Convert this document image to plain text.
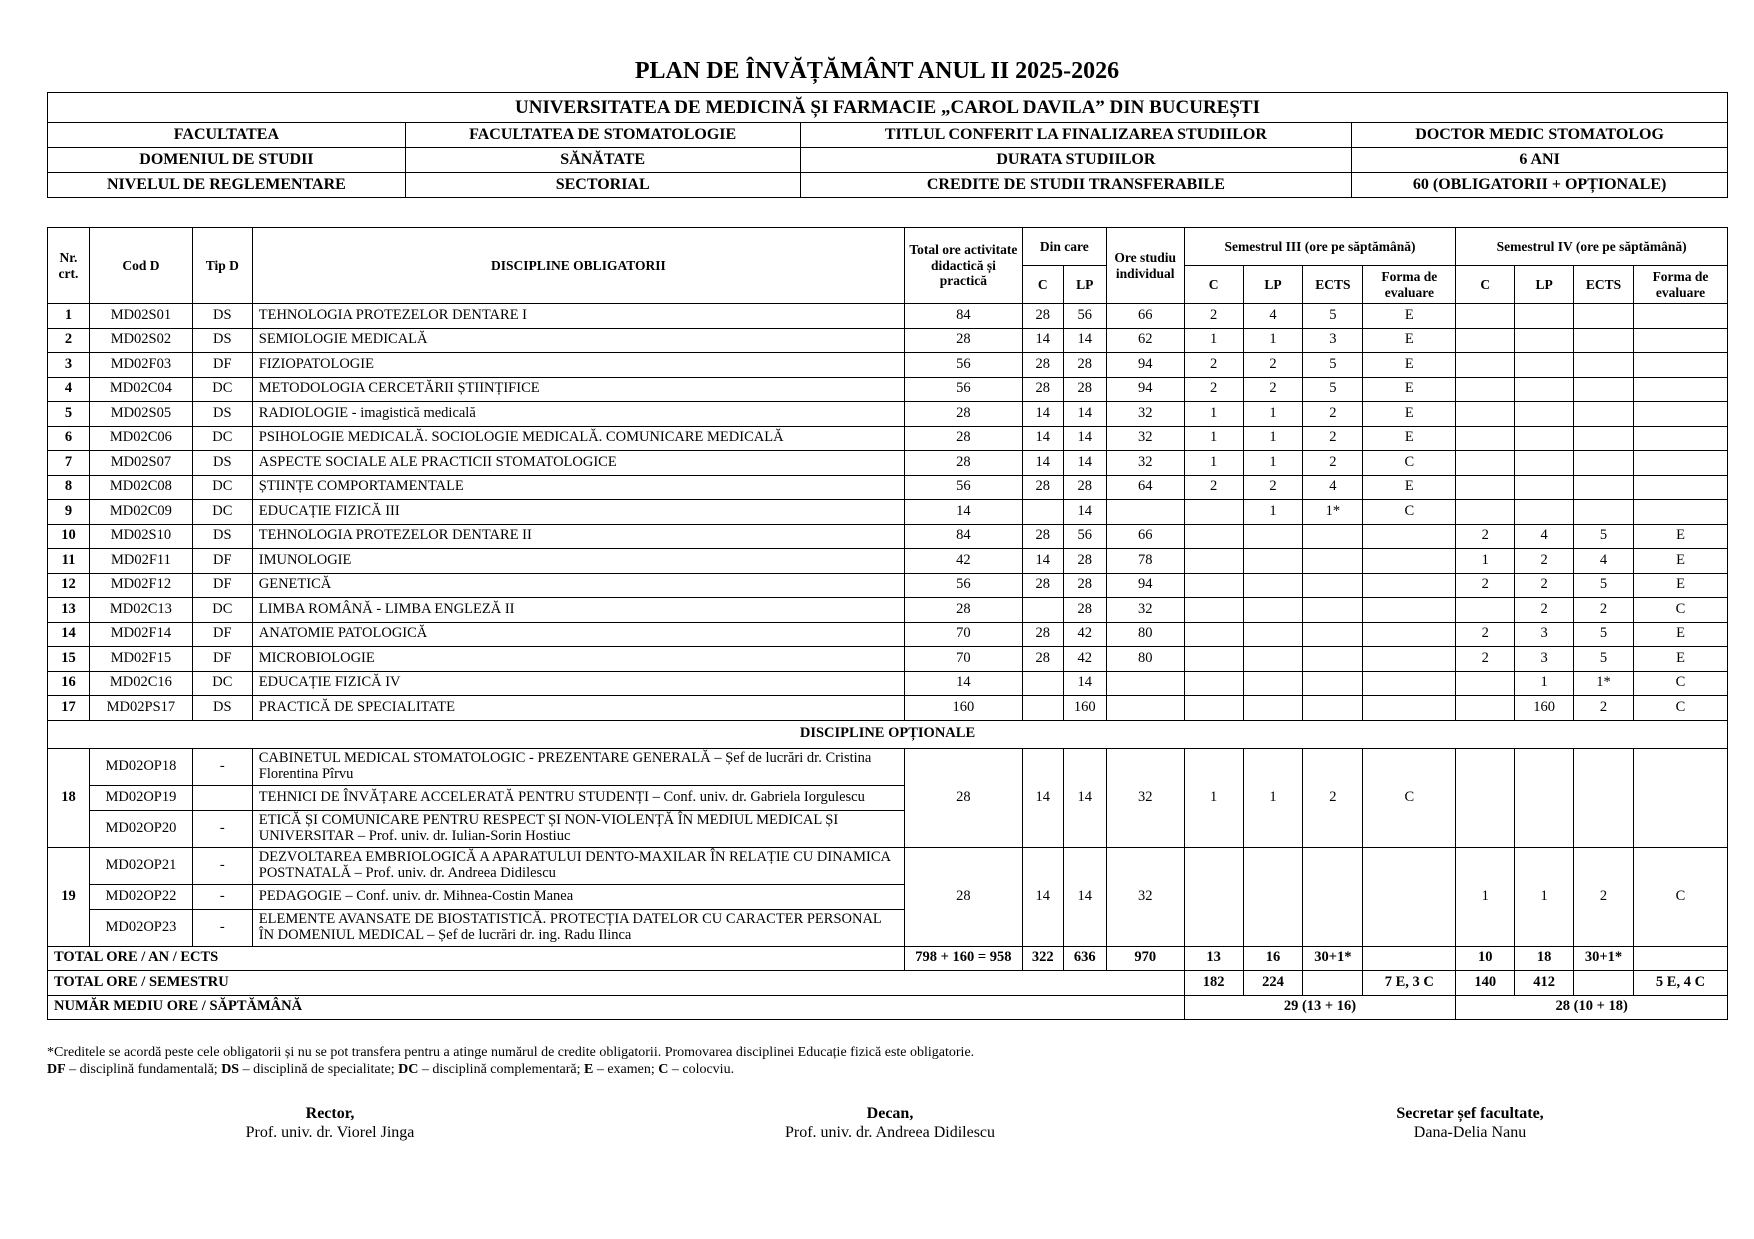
PLAN DE ÎNVĂȚĂMÂNT ANUL II 2025-2026
UNIVERSITATEA DE MEDICINĂ ȘI FARMACIE „CAROL DAVILA” DIN BUCUREȘTI			
FACULTATEA	FACULTATEA DE STOMATOLOGIE	TITLUL CONFERIT LA FINALIZAREA STUDIILOR	DOCTOR MEDIC STOMATOLOG
DOMENIUL DE STUDII	SĂNĂTATE	DURATA STUDIILOR	6 ANI
NIVELUL DE REGLEMENTARE	SECTORIAL	CREDITE DE STUDII TRANSFERABILE	60 (OBLIGATORII + OPȚIONALE)
Nr. crt.	Cod D	Tip D	DISCIPLINE OBLIGATORII	Total ore activitate didactică și practică	Din care		Ore studiu individual	Semestrul III (ore pe săptămână)				Semestrul IV (ore pe săptămână)			
					C	LP		C	LP	ECTS	Forma de evaluare	C	LP	ECTS	Forma de evaluare
1	MD02S01	DS	TEHNOLOGIA PROTEZELOR DENTARE I	84	28	56	66	2	4	5	E				
2	MD02S02	DS	SEMIOLOGIE MEDICALĂ	28	14	14	62	1	1	3	E				
3	MD02F03	DF	FIZIOPATOLOGIE	56	28	28	94	2	2	5	E				
4	MD02C04	DC	METODOLOGIA CERCETĂRII ȘTIINȚIFICE	56	28	28	94	2	2	5	E				
5	MD02S05	DS	RADIOLOGIE - imagistică medicală	28	14	14	32	1	1	2	E				
6	MD02C06	DC	PSIHOLOGIE MEDICALĂ. SOCIOLOGIE MEDICALĂ. COMUNICARE MEDICALĂ	28	14	14	32	1	1	2	E				
7	MD02S07	DS	ASPECTE SOCIALE ALE PRACTICII STOMATOLOGICE	28	14	14	32	1	1	2	C				
8	MD02C08	DC	ȘTIINȚE COMPORTAMENTALE	56	28	28	64	2	2	4	E				
9	MD02C09	DC	EDUCAȚIE FIZICĂ III	14		14			1	1*	C				
10	MD02S10	DS	TEHNOLOGIA PROTEZELOR DENTARE II	84	28	56	66					2	4	5	E
11	MD02F11	DF	IMUNOLOGIE	42	14	28	78					1	2	4	E
12	MD02F12	DF	GENETICĂ	56	28	28	94					2	2	5	E
13	MD02C13	DC	LIMBA ROMÂNĂ - LIMBA ENGLEZĂ II	28		28	32						2	2	C
14	MD02F14	DF	ANATOMIE PATOLOGICĂ	70	28	42	80					2	3	5	E
15	MD02F15	DF	MICROBIOLOGIE	70	28	42	80					2	3	5	E
16	MD02C16	DC	EDUCAȚIE FIZICĂ IV	14		14							1	1*	C
17	MD02PS17	DS	PRACTICĂ DE SPECIALITATE	160		160							160	2	C
DISCIPLINE OPȚIONALE															
18	MD02OP18	-	CABINETUL MEDICAL STOMATOLOGIC - PREZENTARE GENERALĂ – Șef de lucrări dr. Cristina Florentina Pîrvu	28	14	14	32	1	1	2	C				
	MD02OP19		TEHNICI DE ÎNVĂȚARE ACCELERATĂ PENTRU STUDENȚI – Conf. univ. dr. Gabriela Iorgulescu												
	MD02OP20	-	ETICĂ ȘI COMUNICARE PENTRU RESPECT ȘI NON-VIOLENȚĂ ÎN MEDIUL MEDICAL ȘI UNIVERSITAR – Prof. univ. dr. Iulian-Sorin Hostiuc												
19	MD02OP21	-	DEZVOLTAREA EMBRIOLOGICĂ A APARATULUI DENTO-MAXILAR ÎN RELAȚIE CU DINAMICA POSTNATALĂ – Prof. univ. dr. Andreea Didilescu	28	14	14	32					1	1	2	C
	MD02OP22	-	PEDAGOGIE – Conf. univ. dr. Mihnea-Costin Manea												
	MD02OP23	-	ELEMENTE AVANSATE DE BIOSTATISTICĂ. PROTECȚIA DATELOR CU CARACTER PERSONAL ÎN DOMENIUL MEDICAL – Șef de lucrări dr. ing. Radu Ilinca												
TOTAL ORE / AN / ECTS				798 + 160 = 958	322	636	970	13	16	30+1*		10	18	30+1*	
TOTAL ORE / SEMESTRU								182	224		7 E, 3 C	140	412		5 E, 4 C
NUMĂR MEDIU ORE / SĂPTĂMÂNĂ								29 (13 + 16)				28 (10 + 18)			
*Creditele se acordă peste cele obligatorii și nu se pot transfera pentru a atinge numărul de credite obligatorii. Promovarea disciplinei Educație fizică este obligatorie.
DF – disciplină fundamentală; DS – disciplină de specialitate; DC – disciplină complementară; E – examen; C – colocviu.
Rector,
Prof. univ. dr. Viorel Jinga
Decan,
Prof. univ. dr. Andreea Didilescu
Secretar șef facultate,
Dana-Delia Nanu
